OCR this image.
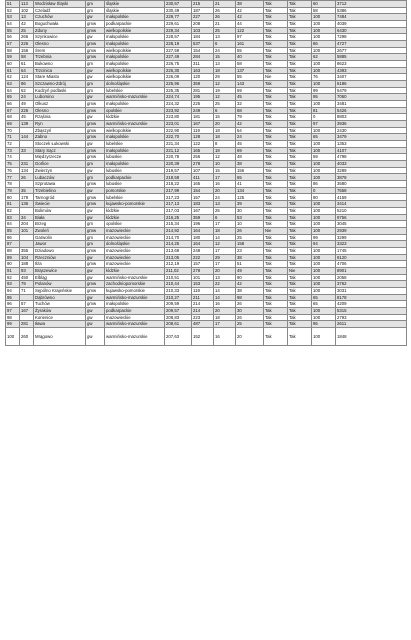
51	113	Wodzisław Śląski	gm	śląskie	230,67	215	21	38	Tak	Tak	60	3712
52	102	Czeladź	gm	śląskie	230,49	187	26	42	Tak	Tak	58	5386
53	13	Czuchów	gw	małopolskie	229,77	227	26	42	Tak	Tak	100	7484
54	42	Boguchwała	gmw	podkarpackie	229,61	208	21	44	Tak	Tak	100	4039
55	25	Zduny	gmw	wielkopolskie	229,34	103	25	122	Tak	Tak	100	6430
56	266	Szynkowice	gw	małopolskie	228,57	184	13	97	Tak	Tak	100	7298
57	226	Olesno	gmw	małopolskie	228,19	537	6	161	Tak	Tak	86	4727
58	156	Śrem	gmw	wielkopolskie	227,59	154	24	55	Tak	Tak	100	2677
59	58	Trzebnia	gmw	małopolskie	227,49	284	15	40	Tak	Tak	62	5885
60	61	Bukowno	gm	małopolskie	226,75	311	13	58	Tak	Tak	100	8623
61	64	Trzcinica	gw	wielkopolskie	226,30	163	18	137	Tak	Tak	100	4393
62	124	Stare Miasto	gw	wielkopolskie	226,09	120	29	55	Nie	Tak	76	3407
63	86	Szczawno-Zdrój	gm	dolnośląskie	225,96	359	12	143	Tak	Tak	100	6186
64	62	Kudzyń podlaski	gm	lubelskie	225,35	281	19	69	Tak	Tak	99	5479
65	24	Lubomino	gw	warmińsko-mazurskie	224,74	195	12	45	Tak	Tak	95	7060
66	49	Olkusz	gmw	małopolskie	224,32	225	25	32	Tak	Tak	100	3481
67	226	Olesno	gmw	opolskie	223,92	249	6	68	Tak	Tak	81	5426
68	45	Rząśnia	gw	łódzkie	223,80	181	15	79	Tak	Tak	0	8803
69	139	Ryn	gmw	warmińsko-mazurskie	223,01	167	20	42	Tak	Tak	97	3936
70		Zbąszyń	gmw	wielkopolskie	222,90	119	18	64	Tak	Tak	100	2430
71	144	Zabno	gmw	małopolskie	222,70	128	18	24	Tak	Tak	65	3479
72		Stoczek Łukowski	gw	lubelskie	221,34	122	8	45	Tak	Tak	100	1353
73	33	Stary Sącz	gmw	małopolskie	221,12	165	18	69	Tak	Tak	100	4107
74		Międzyrzecze	gmw	lubuskie	220,78	256	12	48	Tak	Tak	59	4798
75	231	Gorlice	gm	małopolskie	220,39	278	10	38	Tak	Tak	100	4033
76	134	Zwierzyn	gw	lubuskie	219,57	107	15	156	Tak	Tak	100	3289
77	26	Lubaczów	gm	podkarpackie	218,58	411	17	65	Tak	Tak	100	3878
78		Szprotawa	gmw	lubuskie	218,22	165	16	41	Tak	Tak	86	3580
79	35	Trzebielino	gw	pomorskie	217,99	154	20	134	Tak	Tak	0	7558
80	179	Tarnogród	gmw	lubelskie	217,23	157	24	125	Tak	Tak	90	4159
81	136	Świecie	gmw	kujawsko-pomorskie	217,13	183	13	39	Tak	Tak	100	3414
82		Bolimów	gw	łódzkie	217,03	167	25	30	Tak	Tak	100	5210
83	34	Biała	gw	łódzkie	216,25	359	6	53	Tak	Tak	100	9756
84	204	Brzeg	gm	opolskie	215,34	196	17	10	Tak	Tak	100	3045
85	101	Zwoleń	gmw	mazowieckie	214,92	164	18	26	Nie	Tak	100	2939
86		Garwolin	gm	mazowieckie	214,70	180	14	25	Tak	Tak	99	3299
87		Jawor	gm	dolnośląskie	214,25	164	12	158	Tak	Tak	94	3323
88	355	Dziadowo	gmw	mazowieckie	213,69	248	17	23	Tak	Tak	100	1745
89	104	Rzeczniów	gw	mazowieckie	213,05	222	29	38	Tak	Tak	100	9120
90	188	Iłża	gmw	mazowieckie	212,19	157	17	51	Tak	Tak	100	4706
91	93	Brąszewice	gw	łódzkie	211,02	278	20	49	Tak	Nie	100	8901
92	450	Elbląg	gw	warmińsko-mazurskie	210,51	101	13	90	Tak	Tak	100	2058
93	79	Polanów	gmw	zachodniopomorskie	210,44	153	22	42	Tak	Tak	100	3762
94	71	Sępólno Krajeńskie	gmw	kujawsko-pomorskie	210,33	119	14	38	Tak	Tak	100	3031
95		Dąbrówno	gw	warmińsko-mazurskie	210,27	211	14	98	Tak	Tak	65	8178
96	57	Tuchów	gmw	małopolskie	209,59	214	16	26	Tak	Tak	65	4209
97	167	Żyraków	gw	podkarpackie	209,57	214	20	30	Tak	Tak	100	5315
98		Korienice	gw	mazowieckie	208,83	223	18	26	Tak	Tak	100	2793
99	281	Iława	gw	warmińsko-mazurskie	208,61	487	17	25	Tak	Tak	95	2611
100	260	Mrągowo	gw	warmińsko-mazurskie	207,63	152	16	20	Tak	Tak	100	1848
